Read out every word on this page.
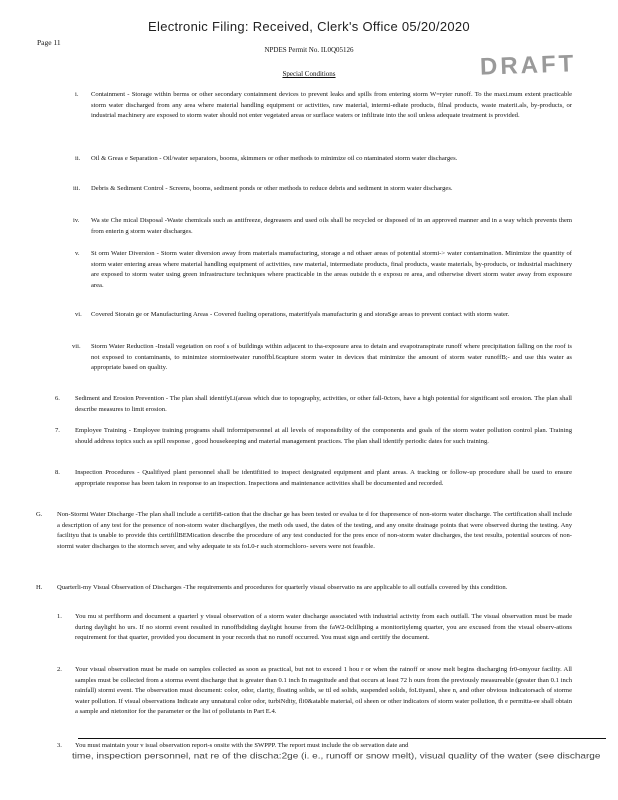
Electronic Filing: Received, Clerk's Office 05/20/2020
DRAFT
Page 11
NPDES Permit No. IL0Q05126
Special Conditions
i. Containment - Storage within berms or other secondary containment devices to prevent leaks and spills from entering storm W=ryter runoff. To the maxi.mum extent practicable storm water discharged from any area where material handling equipment or activities, raw material, intermi-ediate products, filnal products, waste materii.als, by-products, or industrial machinery are exposed to storm water should not enter vegetated areas or surflace waters or infiltrate into the soil unless adequate treatment is provided.

ii. Oil & Greas e Separation - Oil/water separators, booms, skimmers or other methods to minimize oil co ntaminated storm water discharges.

iii. Debris & Sediment Control - Screens, booms, sediment ponds or other methods to reduce debris and sediment in storm water discharges.

iv. Wa ste Che mical Disposal -Waste chemicals such as antifreeze, degreasers and used oils shall be recycled or disposed of in an approved manner and in a way which prevents them from enterin g storm water discharges.

v. St orm Water Diversion - Storm water diversion away from materials manufacturing, storage a nd othaer areas of potential stormi-> water contamination. Minimize the quantity of storm water entering areas where material handling equipment of activities, raw material, intermediate products, final products, waste materials, by-products, or industrial machinery are exposed to storm water using green infrastructure techniques where practicable in the areas outside th e exposu re area, and otherwise divert storm water away from exposure area.

vi. Covered Storain ge or Manufacturiing Areas - Covered fueling operations, materitfyals manufacturin g and storaSge areas to prevent contact with storm water.

vii. Storm Water Reduction -Install vegetation on roof s of buildings within adjacent to tha-exposure area to detain and evapotranspirate runoff where precipitation falling on the roof is not exposed to contaminants, to minimize stormioetwater runoffbl.6capture storm water in devices that minimize the amount of storm water runoffB;- and use this water as appropriate based on quality.

6. Sediment and Erosion Prevention - The plan shall identifyLi(areas which due to topography, activities, or other fall-0ctors, have a high potential for significant soil erosion. The plan shall describe measures to limit erosion.

7. Employee Training - Employee training programs shall informipersonnel at all levels of responsibility of the components and goals of the storm water pollution control plan. Training should address topics such as spill response , good housekeeping and material management practices. The plan shall identify periodic dates for such training.

8. Inspection Procedures - Qualifiyed plant personnel shall be identifiiied to inspect designated equipment and plant areas. A tracking or follow-up procedure shall be used to ensure appropriate response has been taken in response to an inspection. Inspections and maintenance activities shall be documented and recorded.

G. Non-Stormi Water Discharge -The plan shall include a certifi8-cation that the dischar ge has been tested or evalua te d for thapresence of non-storm water discharge. The certification shall include a description of any test for the presence of non-storm water dischargilyes, the meth ods used, the dates of the testing, and any onsite drainage points that were observed during the testing. Any facilityu that is unable to provide this certifillBEMication describe the procedure of any test conducted for the pres ence of non-storm water discharges, the test results, potential sources of non-stormi water discharges to the stormch sever, and why adequate te sts foL0-r such stormchloro- severs were not feasible.

H. Quarterli-my Visual Observation of Discharges -The requirements and procedures for quarterly visual observatio ns are applicable to all outfalls covered by this condition.

1. You mu st perfihorm and document a quarterl y visual observation of a storm water discharge associated with industrial activity from each outfall. The visual observation must be made during daylight ho urs. If no stormi event resulted in runoffbdiding daylight hourse from the faW2-0clilhping a monitoriiylemg quarter, you are excused from the visual observ-ations requirement for that quarter, provided you document in your records that no runoff occurred. You must sign and certiify the document.

2. Your visual observation must be made on samples collected as soon as practical, but not to exceed 1 hou r or when the rainoff or snow melt begins discharging fr0-omyour facility. All samples must be collected from a storma event discharge that is greater than 0.1 inch In magnitude and that occurs at least 72 h ours from the previously measureable (greater than 0.1 inch rainfall) stormi event. The observation must document: color, odor, clarity, floating solids, se ttl ed solids, suspended solids, foLtiyaml, shee n, and other obvious indicatorsach of storme water pollution. If visual observations Indicate any unnatural color odor, turbiNdity, fli0&atable material, oil sheen or other indicators of storm water pollution, th e permitta-ee shall obtain a sample and nietonitor for the parameter or the list of pollutants in Part E.4.

3. You must maintain your v isual observation report-s onsite with the SWPPP. The report must include the ob servation date and

time, inspection personnel, nat re of the discha:2ge (i. e., runoff or snow melt), visual quality of the water (see discharge
